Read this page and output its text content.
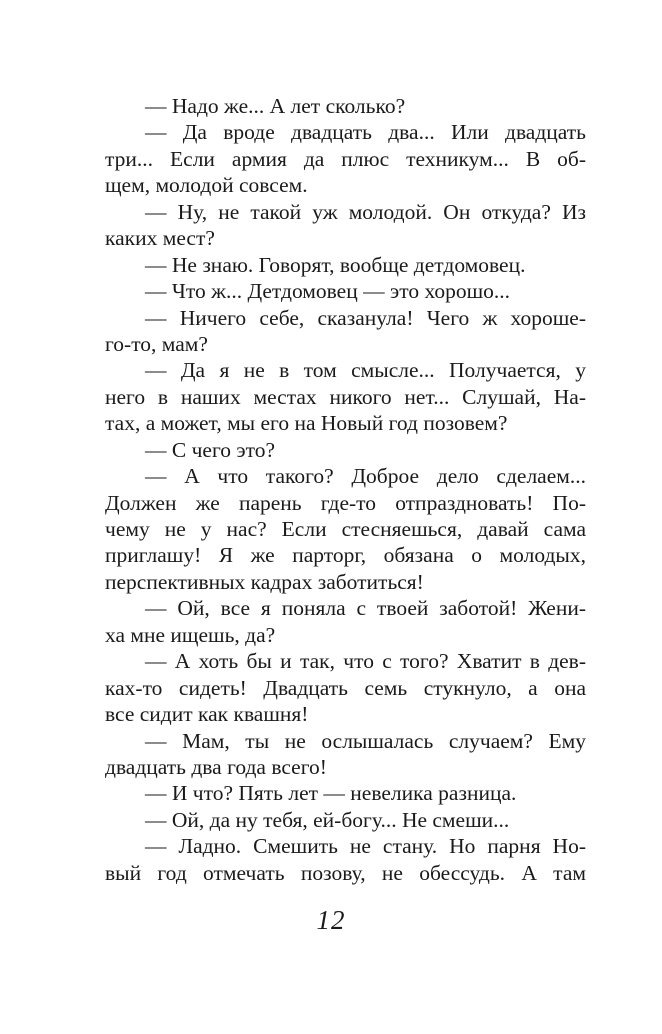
— Надо же... А лет сколько?
— Да вроде двадцать два... Или двадцать
три... Если армия да плюс техникум... В об-
щем, молодой совсем.
— Ну, не такой уж молодой. Он откуда? Из
каких мест?
— Не знаю. Говорят, вообще детдомовец.
— Что ж... Детдомовец — это хорошо...
— Ничего себе, сказанула! Чего ж хороше-
го-то, мам?
— Да я не в том смысле... Получается, у
него в наших местах никого нет... Слушай, На-
тах, а может, мы его на Новый год позовем?
— С чего это?
— А что такого? Доброе дело сделаем...
Должен же парень где-то отпраздновать! По-
чему не у нас? Если стесняешься, давай сама
приглашу! Я же парторг, обязана о молодых,
перспективных кадрах заботиться!
— Ой, все я поняла с твоей заботой! Жени-
ха мне ищешь, да?
— А хоть бы и так, что с того? Хватит в дев-
ках-то сидеть! Двадцать семь стукнуло, а она
все сидит как квашня!
— Мам, ты не ослышалась случаем? Ему
двадцать два года всего!
— И что? Пять лет — невелика разница.
— Ой, да ну тебя, ей-богу... Не смеши...
— Ладно. Смешить не стану. Но парня Но-
вый год отмечать позову, не обессудь. А там
12
